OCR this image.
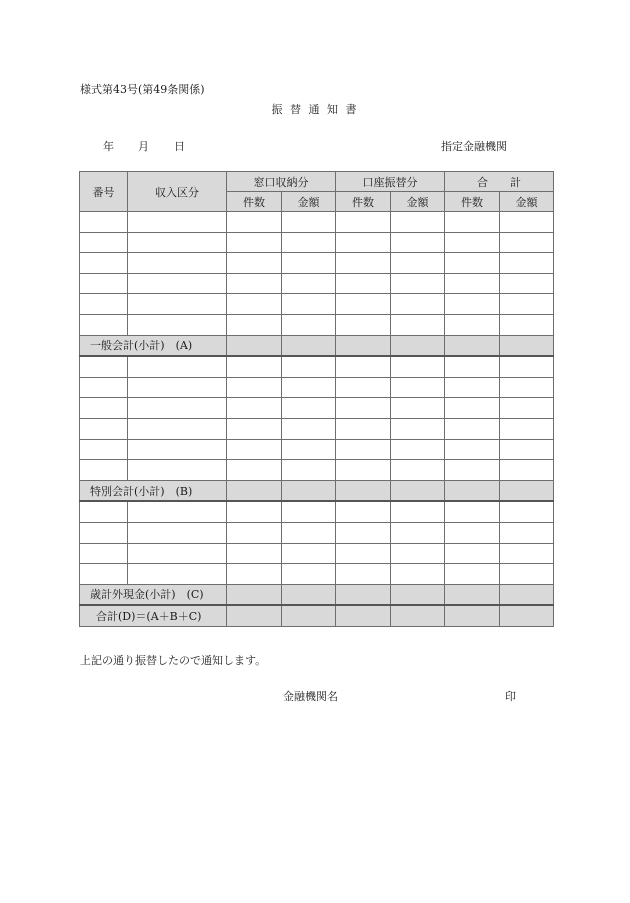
様式第43号(第49条関係)
振 替 通 知 書
年 月 日	指定金融機関
番号	収入区分	窓口収納分		口座振替分		合　　計	
		件数	金額	件数	金額	件数	金額

一般会計(小計)　(A)							

特別会計(小計)　(B)							

歳計外現金(小計)　(C)							
合計(D)＝(A＋B＋C)							
上記の通り振替したので通知します。
金融機関名	印
